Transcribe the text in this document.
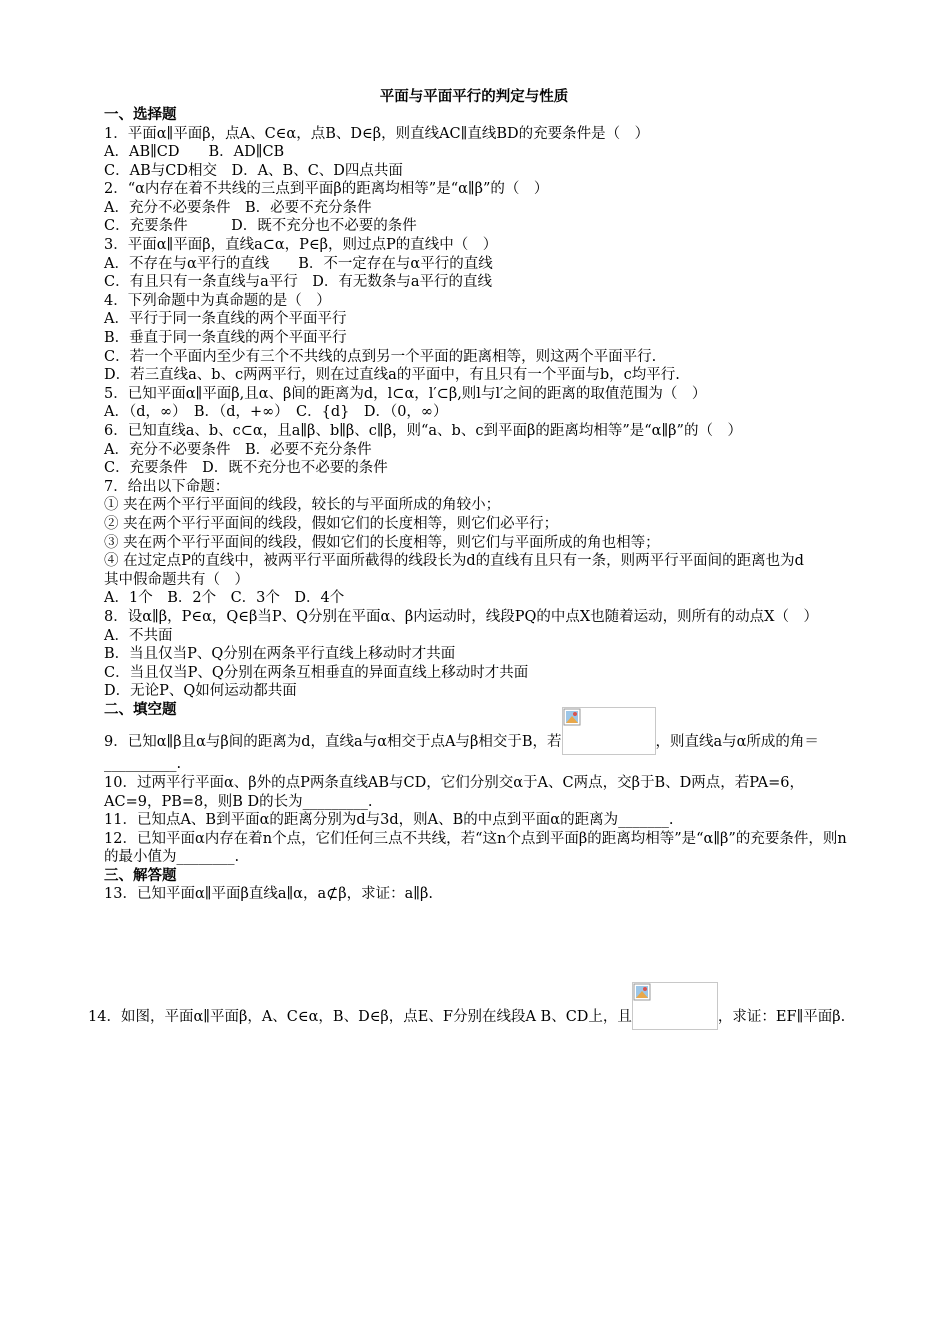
平面与平面平行的判定与性质
一、选择题
1．平面α∥平面β，点A、C∈α，点B、D∈β，则直线AC∥直线BD的充要条件是（　）
A．AB∥CD　　B．AD∥CB
C．AB与CD相交　D．A、B、C、D四点共面
2．“α内存在着不共线的三点到平面β的距离均相等”是“α∥β”的（　）
A．充分不必要条件　B．必要不充分条件
C．充要条件　　　D．既不充分也不必要的条件
3．平面α∥平面β，直线a⊂α，P∈β，则过点P的直线中（　）
A．不存在与α平行的直线　　B．不一定存在与α平行的直线
C．有且只有一条直线与a平行　D．有无数条与a平行的直线
4．下列命题中为真命题的是（　）
A．平行于同一条直线的两个平面平行
B．垂直于同一条直线的两个平面平行
C．若一个平面内至少有三个不共线的点到另一个平面的距离相等，则这两个平面平行.
D．若三直线a、b、c两两平行，则在过直线a的平面中，有且只有一个平面与b，c均平行.
5．已知平面α∥平面β,且α、β间的距离为d，l⊂α，l′⊂β,则l与l′之间的距离的取值范围为（　）
A．（d，∞）　B．（d，+∞）　C．{d}　D．（0，∞）
6．已知直线a、b、c⊂α，且a∥β、b∥β、c∥β，则“a、b、c到平面β的距离均相等”是“α∥β”的（　）
A．充分不必要条件　B．必要不充分条件
C．充要条件　D．既不充分也不必要的条件
7．给出以下命题：
① 夹在两个平行平面间的线段，较长的与平面所成的角较小；
② 夹在两个平行平面间的线段，假如它们的长度相等，则它们必平行；
③ 夹在两个平行平面间的线段，假如它们的长度相等，则它们与平面所成的角也相等；
④ 在过定点P的直线中，被两平行平面所截得的线段长为d的直线有且只有一条，则两平行平面间的距离也为d
其中假命题共有（　）
A．1个　B．2个　C．3个　D．4个
8．设α∥β，P∈α，Q∈β当P、Q分别在平面α、β内运动时，线段PQ的中点X也随着运动，则所有的动点X（　）
A．不共面
B．当且仅当P、Q分别在两条平行直线上移动时才共面
C．当且仅当P、Q分别在两条互相垂直的异面直线上移动时才共面
D．无论P、Q如何运动都共面
二、填空题
9．已知α∥β且α与β间的距离为d，直线a与α相交于点A与β相交于B，若	，则直线a与α所成的角＝__________.
10．过两平行平面α、β外的点P两条直线AB与CD，它们分别交α于A、C两点，交β于B、D两点，若PA=6，AC=9，PB=8，则B D的长为_________.
11．已知点A、B到平面α的距离分别为d与3d，则A、B的中点到平面α的距离为_______.
12．已知平面α内存在着n个点，它们任何三点不共线，若“这n个点到平面β的距离均相等”是“α∥β”的充要条件，则n的最小值为________.
三、解答题
13．已知平面α∥平面β直线a∥α，a⊄β，求证：a∥β.
14．如图，平面α∥平面β，A、C∈α，B、D∈β，点E、F分别在线段A B、CD上，且	，求证：EF∥平面β.
